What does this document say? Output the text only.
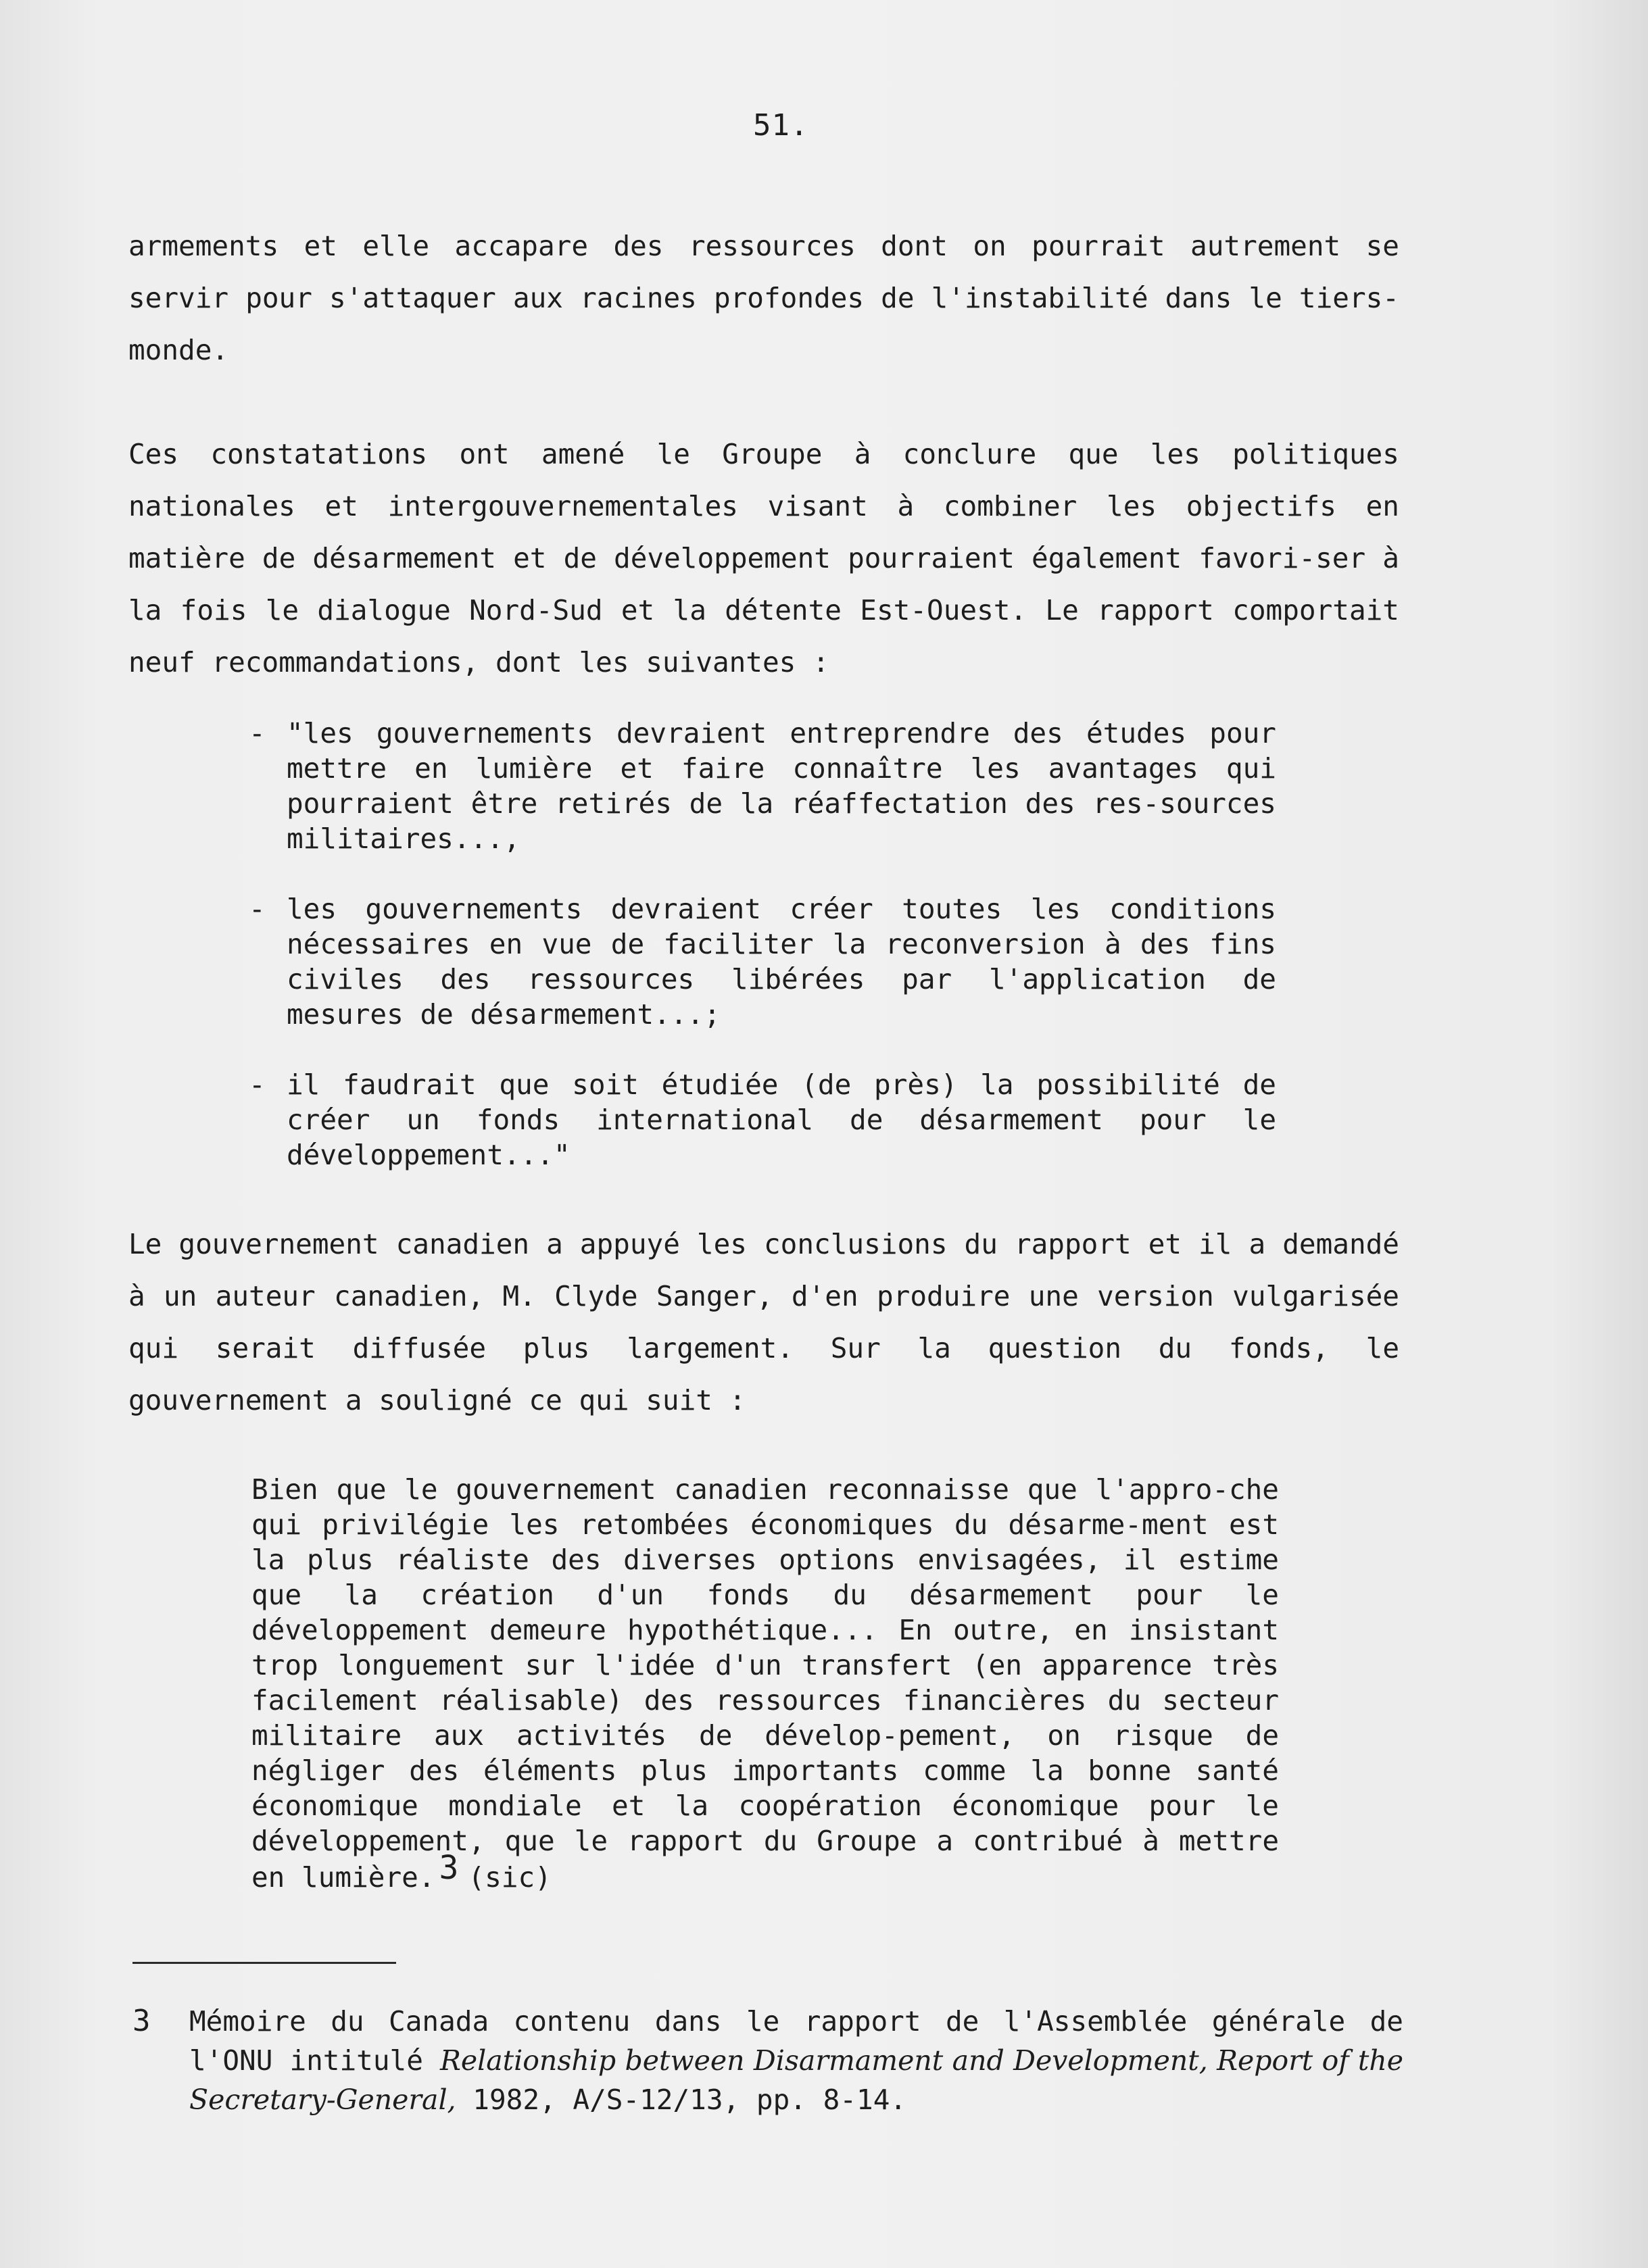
51.

armements et elle accapare des ressources dont on pourrait autrement se servir pour s'attaquer aux racines profondes de l'instabilité dans le tiers-monde.

Ces constatations ont amené le Groupe à conclure que les politiques nationales et intergouvernementales visant à combiner les objectifs en matière de désarmement et de développement pourraient également favori-ser à la fois le dialogue Nord-Sud et la détente Est-Ouest. Le rapport comportait neuf recommandations, dont les suivantes :

- "les gouvernements devraient entreprendre des études pour mettre en lumière et faire connaître les avantages qui pourraient être retirés de la réaffectation des res-sources militaires...,
- les gouvernements devraient créer toutes les conditions nécessaires en vue de faciliter la reconversion à des fins civiles des ressources libérées par l'application de mesures de désarmement...;
- il faudrait que soit étudiée (de près) la possibilité de créer un fonds international de désarmement pour le développement..."

Le gouvernement canadien a appuyé les conclusions du rapport et il a demandé à un auteur canadien, M. Clyde Sanger, d'en produire une version vulgarisée qui serait diffusée plus largement. Sur la question du fonds, le gouvernement a souligné ce qui suit :

Bien que le gouvernement canadien reconnaisse que l'appro-che qui privilégie les retombées économiques du désarme-ment est la plus réaliste des diverses options envisagées, il estime que la création d'un fonds du désarmement pour le développement demeure hypothétique... En outre, en insistant trop longuement sur l'idée d'un transfert (en apparence très facilement réalisable) des ressources financières du secteur militaire aux activités de dévelop-pement, on risque de négliger des éléments plus importants comme la bonne santé économique mondiale et la coopération économique pour le développement, que le rapport du Groupe a contribué à mettre en lumière. 3 (sic)

3 Mémoire du Canada contenu dans le rapport de l'Assemblée générale de l'ONU intitulé Relationship between Disarmament and Development, Report of the Secretary-General, 1982, A/S-12/13, pp. 8-14.
